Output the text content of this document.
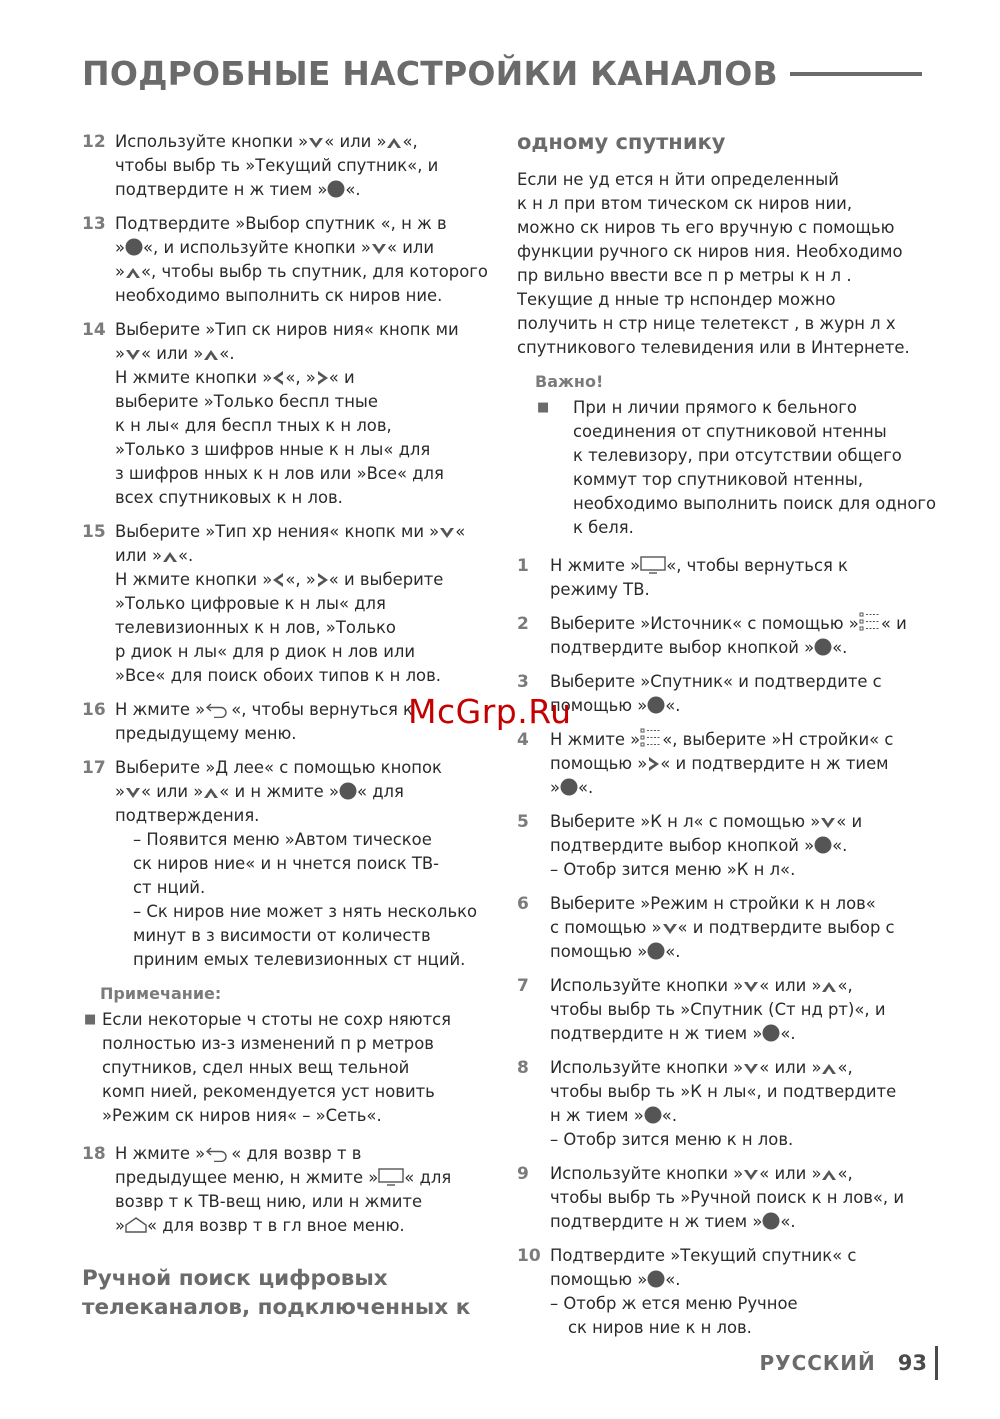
ПОДРОБНЫЕ НАСТРОЙКИ КАНАЛОВ
12 Используйте кнопки » « или » «,
чтобы выбр ть »Текущий спутник«, и
подтвердите н ж тием » «.
13 Подтвердите »Выбор спутник «, н ж в
» «, и используйте кнопки » « или
» «, чтобы выбр ть спутник, для которого
необходимо выполнить ск ниров ние.
14 Выберите »Тип ск ниров ния« кнопк ми
» « или » «.
Н жмите кнопки » «, » « и
выберите »Только беспл тные
к н лы« для беспл тных к н лов,
»Только з шифров нные к н лы« для
з шифров нных к н лов или »Все« для
всех спутниковых к н лов.
15 Выберите »Тип хр нения« кнопк ми » «
или » «.
Н жмите кнопки » «, » « и выберите
»Только цифровые к н лы« для
телевизионных к н лов, »Только
р диок н лы« для р диок н лов или
»Все« для поиск обоих типов к н лов.
16 Н жмите » «, чтобы вернуться к
предыдущему меню.
17 Выберите »Д лее« с помощью кнопок
» « или » « и н жмите » « для
подтверждения.
– Появится меню »Автом тическое
ск ниров ние« и н чнется поиск ТВ-
ст нций.
– Ск ниров ние может з нять несколько
минут в з висимости от количеств
приним емых телевизионных ст нций.
Примечание:
■ Если некоторые ч стоты не сохр няются
полностью из-з изменений п р метров
спутников, сдел нных вещ тельной
комп нией, рекомендуется уст новить
»Режим ск ниров ния« – »Сеть«.
18 Н жмите » « для возвр т в
предыдущее меню, н жмите » « для
возвр т к ТВ-вещ нию, или н жмите
» « для возвр т в гл вное меню.
Ручной поиск цифровых
телеканалов, подключенных к
одному спутнику
Если не уд ется н йти определенный
к н л при втом тическом ск ниров нии,
можно ск ниров ть его вручную с помощью
функции ручного ск ниров ния. Необходимо
пр вильно ввести все п р метры к н л .
Текущие д нные тр нспондер можно
получить н стр нице телетекст , в журн л х
спутникового телевидения или в Интернете.
Важно!
■	При н личии прямого к бельного
соединения от спутниковой нтенны
к телевизору, при отсутствии общего
коммут тор спутниковой нтенны,
необходимо выполнить поиск для одного
к беля.
1	Н жмите » «, чтобы вернуться к
режиму ТВ.
2	Выберите »Источник« с помощью » « и
подтвердите выбор кнопкой » «.
3	Выберите »Спутник« и подтвердите с
помощью » «.
4	Н жмите » «, выберите »Н стройки« с
помощью » « и подтвердите н ж тием
» «.
5	Выберите »К н л« с помощью » « и
подтвердите выбор кнопкой » «.
– Отобр зится меню »К н л«.
6	Выберите »Режим н стройки к н лов«
с помощью » « и подтвердите выбор с
помощью » «.
7	Используйте кнопки » « или » «,
чтобы выбр ть »Спутник (Ст нд рт)«, и
подтвердите н ж тием » «.
8	Используйте кнопки » « или » «,
чтобы выбр ть »К н лы«, и подтвердите
н ж тием » «.
– Отобр зится меню к н лов.
9	Используйте кнопки » « или » «,
чтобы выбр ть »Ручной поиск к н лов«, и
подтвердите н ж тием » «.
10 Подтвердите »Текущий спутник« с
помощью » «.
– Отобр ж ется меню Ручное
ск ниров ние к н лов.
McGrp.Ru
РУССКИЙ 93
